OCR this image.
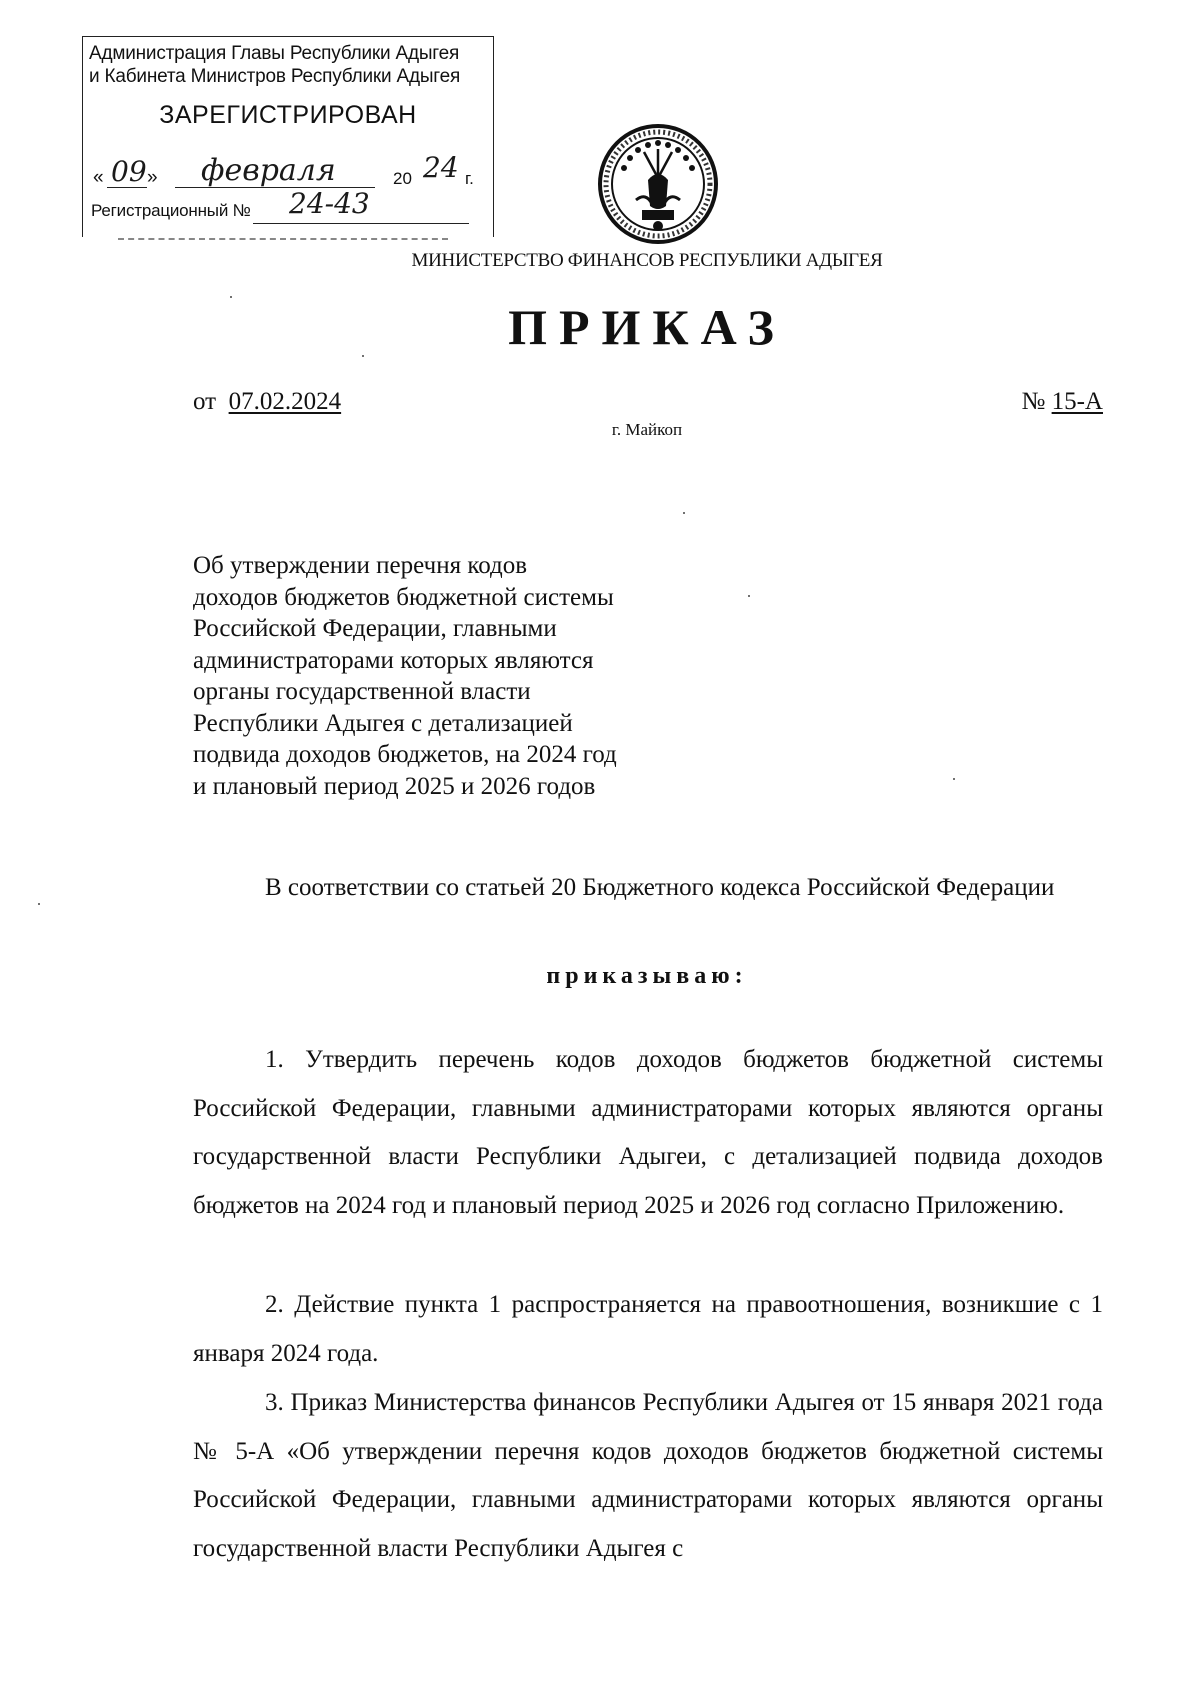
Администрация Главы Республики Адыгея
и Кабинета Министров Республики Адыгея
ЗАРЕГИСТРИРОВАН
« 09 » февраля	20 24 г.
Регистрационный № 24-43
МИНИСТЕРСТВО ФИНАНСОВ РЕСПУБЛИКИ АДЫГЕЯ
ПРИКАЗ
от 07.02.2024	№ 15-А
г. Майкоп
Об утверждении перечня кодов
доходов бюджетов бюджетной системы
Российской Федерации, главными
администраторами которых являются
органы государственной власти
Республики Адыгея с детализацией
подвида доходов бюджетов, на 2024 год
и плановый период 2025 и 2026 годов
В соответствии со статьей 20 Бюджетного кодекса Российской Федерации
приказываю:
1. Утвердить перечень кодов доходов бюджетов бюджетной системы Российской Федерации, главными администраторами которых являются органы государственной власти Республики Адыгеи, с детализацией подвида доходов бюджетов на 2024 год и плановый период 2025 и 2026 год согласно Приложению.
2. Действие пункта 1 распространяется на правоотношения, возникшие с 1 января 2024 года.
3. Приказ Министерства финансов Республики Адыгея от 15 января 2021 года № 5-А «Об утверждении перечня кодов доходов бюджетов бюджетной системы Российской Федерации, главными администраторами которых являются органы государственной власти Республики Адыгея с
